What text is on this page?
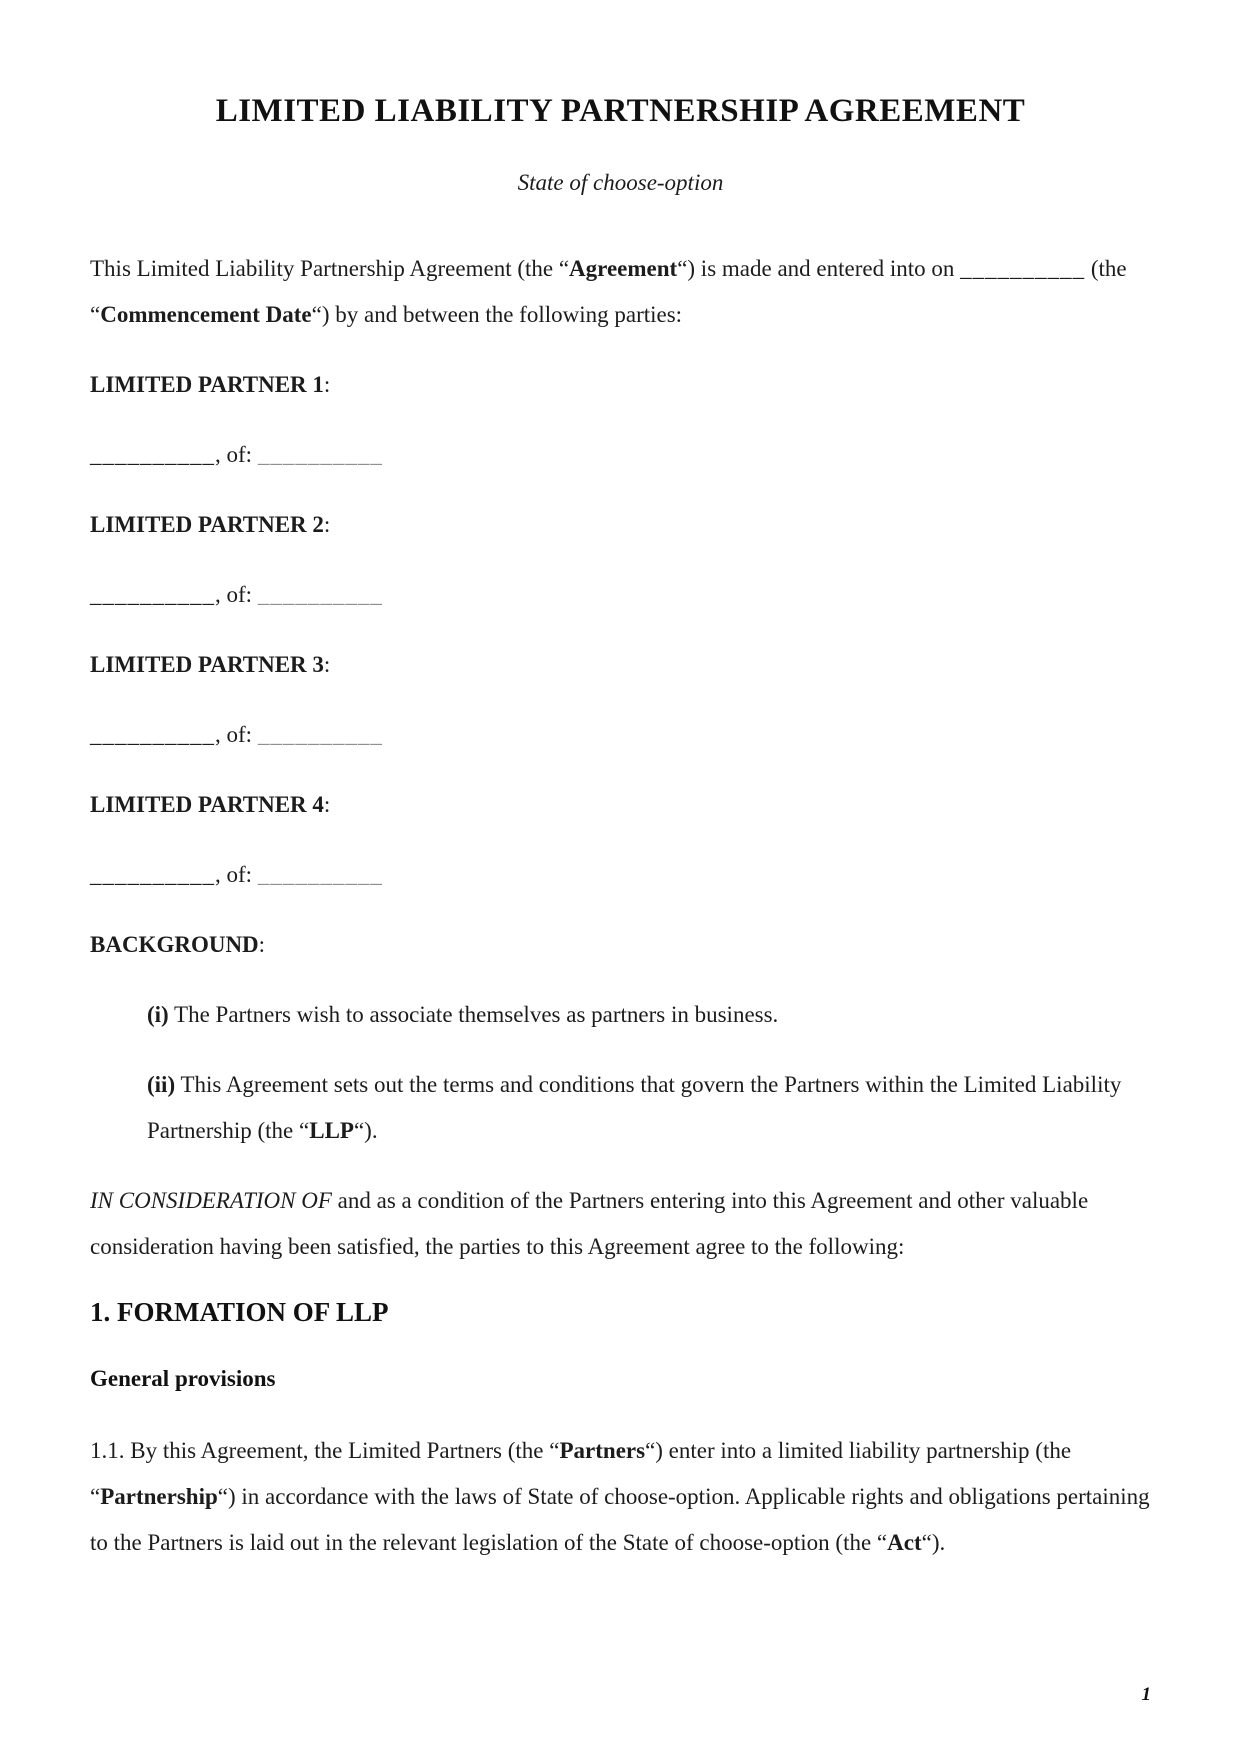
LIMITED LIABILITY PARTNERSHIP AGREEMENT
State of choose-option

This Limited Liability Partnership Agreement (the “Agreement“) is made and entered into on __________ (the “Commencement Date“) by and between the following parties:

LIMITED PARTNER 1:

__________, of: __________

LIMITED PARTNER 2:

__________, of: __________

LIMITED PARTNER 3:

__________, of: __________

LIMITED PARTNER 4:

__________, of: __________

BACKGROUND:

(i) The Partners wish to associate themselves as partners in business.

(ii) This Agreement sets out the terms and conditions that govern the Partners within the Limited Liability Partnership (the “LLP“).

IN CONSIDERATION OF and as a condition of the Partners entering into this Agreement and other valuable consideration having been satisfied, the parties to this Agreement agree to the following:

1. FORMATION OF LLP
General provisions

1.1. By this Agreement, the Limited Partners (the “Partners“) enter into a limited liability partnership (the “Partnership“) in accordance with the laws of State of choose-option. Applicable rights and obligations pertaining to the Partners is laid out in the relevant legislation of the State of choose-option (the “Act“).

1
